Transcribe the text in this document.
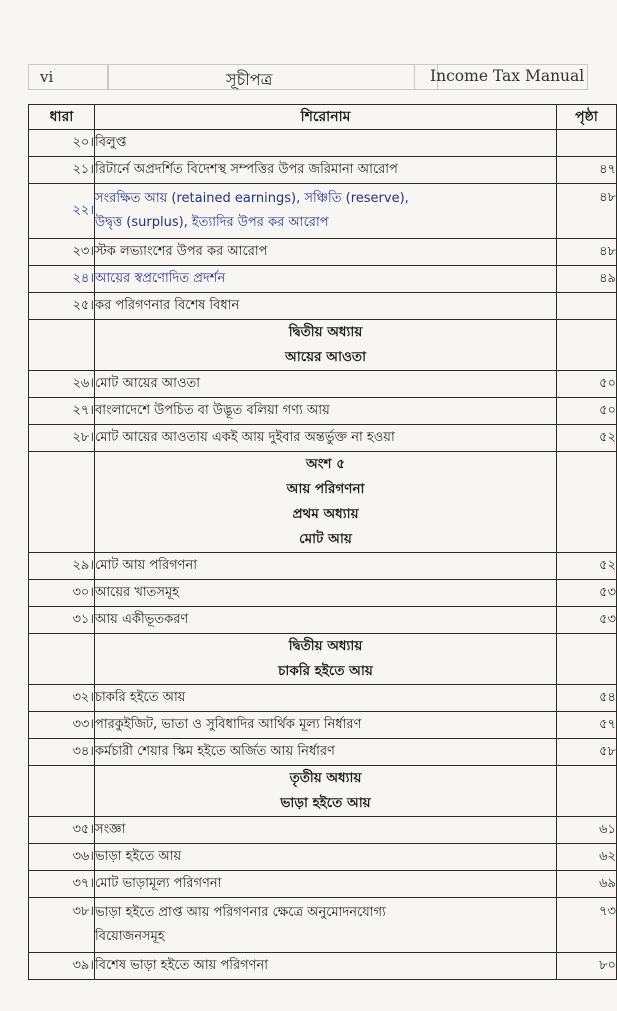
vi	সূচীপত্র	Income Tax Manual
ধারা	শিরোনাম	পৃষ্ঠা
২০।	বিলুপ্ত	
২১।	রিটার্নে অপ্রদর্শিত বিদেশস্থ সম্পত্তির উপর জরিমানা আরোপ	৪৭
২২।	সংরক্ষিত আয় (retained earnings), সঞ্চিতি (reserve),
উদ্বৃত্ত (surplus), ইত্যাদির উপর কর আরোপ	৪৮
২৩।	স্টক লভ্যাংশের উপর কর আরোপ	৪৮
২৪।	আয়ের স্বপ্রণোদিত প্রদর্শন	৪৯
২৫।	কর পরিগণনার বিশেষ বিধান	

	দ্বিতীয় অধ্যায়
আয়ের আওতা	

২৬।	মোট আয়ের আওতা	৫০
২৭।	বাংলাদেশে উপচিত বা উদ্ভূত বলিয়া গণ্য আয়	৫০
২৮।	মোট আয়ের আওতায় একই আয় দুইবার অন্তর্ভুক্ত না হওয়া	৫২

	অংশ ৫
আয় পরিগণনা
প্রথম অধ্যায়
মোট আয়	

২৯।	মোট আয় পরিগণনা	৫২
৩০।	আয়ের খাতসমূহ	৫৩
৩১।	আয় একীভূতকরণ	৫৩

	দ্বিতীয় অধ্যায়
চাকরি হইতে আয়	

৩২।	চাকরি হইতে আয়	৫৪
৩৩।	পারকুইজিট, ভাতা ও সুবিধাদির আর্থিক মূল্য নির্ধারণ	৫৭
৩৪।	কর্মচারী শেয়ার স্কিম হইতে অর্জিত আয় নির্ধারণ	৫৮

	তৃতীয় অধ্যায়
ভাড়া হইতে আয়	

৩৫।	সংজ্ঞা	৬১
৩৬।	ভাড়া হইতে আয়	৬২
৩৭।	মোট ভাড়ামূল্য পরিগণনা	৬৯
৩৮।	ভাড়া হইতে প্রাপ্ত আয় পরিগণনার ক্ষেত্রে অনুমোদনযোগ্য
বিয়োজনসমূহ	৭৩
৩৯।	বিশেষ ভাড়া হইতে আয় পরিগণনা	৮০
